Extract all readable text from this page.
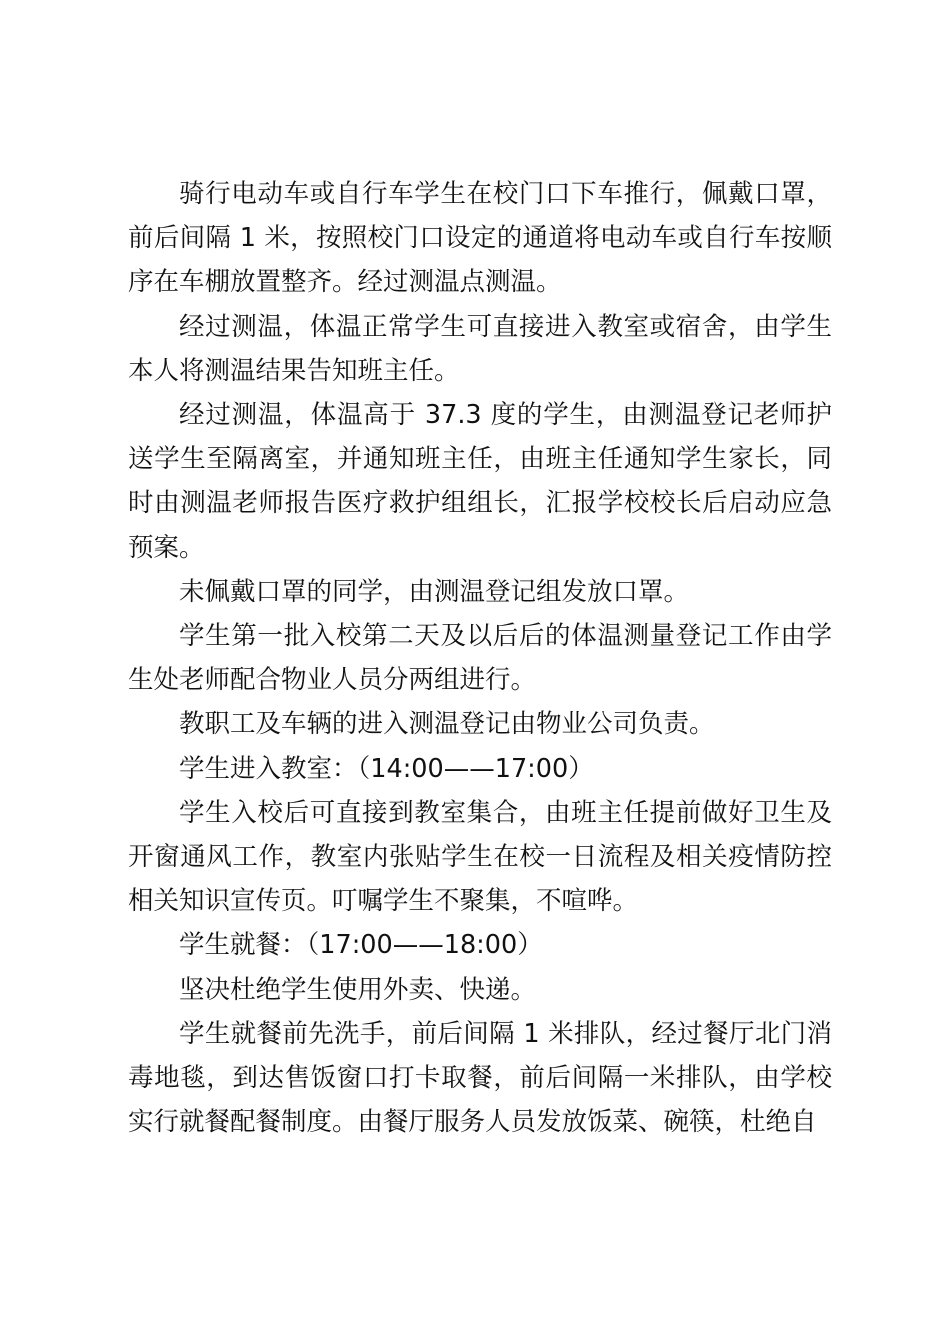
骑行电动车或自行车学生在校门口下车推行，佩戴口罩，前后间隔 1 米，按照校门口设定的通道将电动车或自行车按顺序在车棚放置整齐。经过测温点测温。

经过测温，体温正常学生可直接进入教室或宿舍，由学生本人将测温结果告知班主任。

经过测温，体温高于 37.3 度的学生，由测温登记老师护送学生至隔离室，并通知班主任，由班主任通知学生家长，同时由测温老师报告医疗救护组组长，汇报学校校长后启动应急预案。

未佩戴口罩的同学，由测温登记组发放口罩。

学生第一批入校第二天及以后后的体温测量登记工作由学生处老师配合物业人员分两组进行。

教职工及车辆的进入测温登记由物业公司负责。

学生进入教室：（14:00——17:00）

学生入校后可直接到教室集合，由班主任提前做好卫生及开窗通风工作，教室内张贴学生在校一日流程及相关疫情防控相关知识宣传页。叮嘱学生不聚集，不喧哗。

学生就餐：（17:00——18:00）

坚决杜绝学生使用外卖、快递。

学生就餐前先洗手，前后间隔 1 米排队，经过餐厅北门消毒地毯，到达售饭窗口打卡取餐，前后间隔一米排队，由学校实行就餐配餐制度。由餐厅服务人员发放饭菜、碗筷，杜绝自
